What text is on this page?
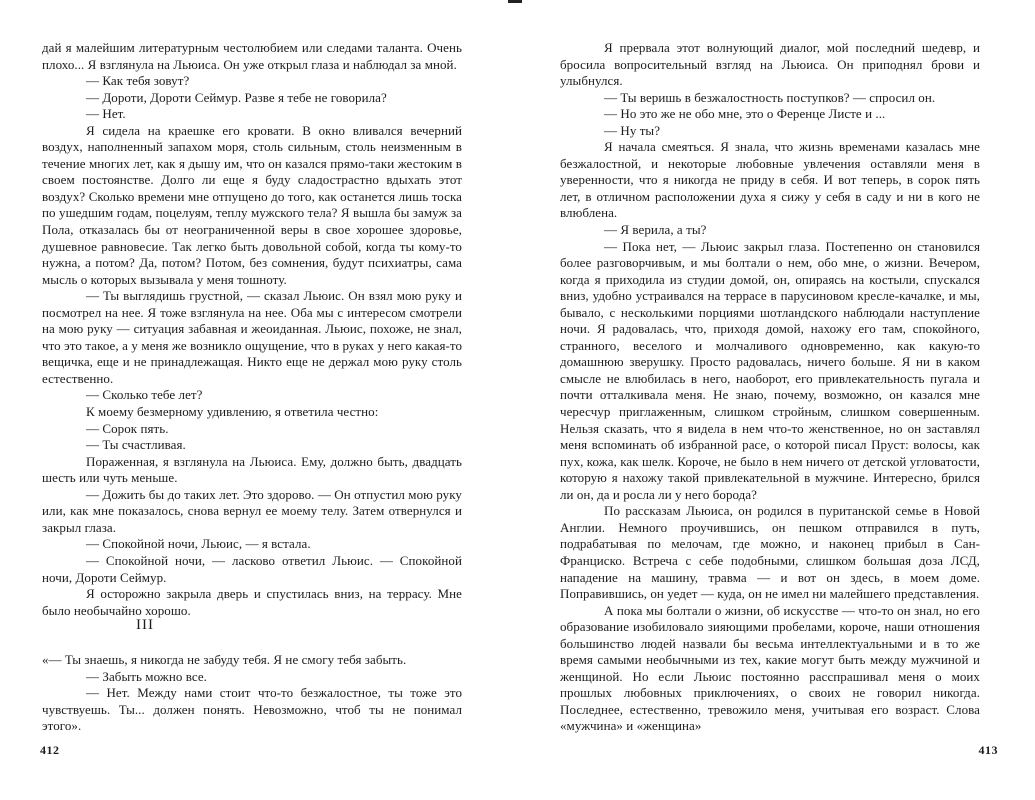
дай я малейшим литературным честолюбием или следами таланта. Очень плохо... Я взглянула на Льюиса. Он уже открыл глаза и наблюдал за мной.

— Как тебя зовут?

— Дороти, Дороти Сеймур. Разве я тебе не говорила?

— Нет.

Я сидела на краешке его кровати. В окно вливался вечерний воздух, наполненный запахом моря, столь сильным, столь неизменным в течение многих лет, как я дышу им, что он казался прямо-таки жестоким в своем постоянстве. Долго ли еще я буду сладострастно вдыхать этот воздух? Сколько времени мне отпущено до того, как останется лишь тоска по ушедшим годам, поцелуям, теплу мужского тела? Я вышла бы замуж за Пола, отказалась бы от неограниченной веры в свое хорошее здоровье, душевное равновесие. Так легко быть довольной собой, когда ты кому-то нужна, а потом? Да, потом? Потом, без сомнения, будут психиатры, сама мысль о которых вызывала у меня тошноту.

— Ты выглядишь грустной, — сказал Льюис. Он взял мою руку и посмотрел на нее. Я тоже взглянула на нее. Оба мы с интересом смотрели на мою руку — ситуация забавная и жеоиданная. Льюис, похоже, не знал, что это такое, а у меня же возникло ощущение, что в руках у него какая-то вещичка, еще и не принадлежащая. Никто еще не держал мою руку столь естественно.

— Сколько тебе лет?

К моему безмерному удивлению, я ответила честно:

— Сорок пять.

— Ты счастливая.

Пораженная, я взглянула на Льюиса. Ему, должно быть, двадцать шесть или чуть меньше.

— Дожить бы до таких лет. Это здорово. — Он отпустил мою руку или, как мне показалось, снова вернул ее моему телу. Затем отвернулся и закрыл глаза.

— Спокойной ночи, Льюис, — я встала.

— Спокойной ночи, — ласково ответил Льюис. — Спокойной ночи, Дороти Сеймур.

Я осторожно закрыла дверь и спустилась вниз, на террасу. Мне было необычайно хорошо.

III

«— Ты знаешь, я никогда не забуду тебя. Я не смогу тебя забыть.

— Забыть можно все.

— Нет. Между нами стоит что-то безжалостное, ты тоже это чувствуешь. Ты... должен понять. Невозможно, чтоб ты не понимал этого».

412

Я прервала этот волнующий диалог, мой последний шедевр, и бросила вопросительный взгляд на Льюиса. Он приподнял брови и улыбнулся.

— Ты веришь в безжалостность поступков? — спросил он.

— Но это же не обо мне, это о Ференце Листе и ...

— Ну ты?

Я начала смеяться. Я знала, что жизнь временами казалась мне безжалостной, и некоторые любовные увлечения оставляли меня в уверенности, что я никогда не приду в себя. И вот теперь, в сорок пять лет, в отличном расположении духа я сижу у себя в саду и ни в кого не влюблена.

— Я верила, а ты?

— Пока нет, — Льюис закрыл глаза. Постепенно он становился более разговорчивым, и мы болтали о нем, обо мне, о жизни. Вечером, когда я приходила из студии домой, он, опираясь на костыли, спускался вниз, удобно устраивался на террасе в парусиновом кресле-качалке, и мы, бывало, с несколькими порциями шотландского наблюдали наступление ночи. Я радовалась, что, приходя домой, нахожу его там, спокойного, странного, веселого и молчаливого одновременно, как какую-то домашнюю зверушку. Просто радовалась, ничего больше. Я ни в каком смысле не влюбилась в него, наоборот, его привлекательность пугала и почти отталкивала меня. Не знаю, почему, возможно, он казался мне чересчур приглаженным, слишком стройным, слишком совершенным. Нельзя сказать, что я видела в нем что-то женственное, но он заставлял меня вспоминать об избранной расе, о которой писал Пруст: волосы, как пух, кожа, как шелк. Короче, не было в нем ничего от детской угловатости, которую я нахожу такой привлекательной в мужчине. Интересно, брился ли он, да и росла ли у него борода?

По рассказам Льюиса, он родился в пуританской семье в Новой Англии. Немного проучившись, он пешком отправился в путь, подрабатывая по мелочам, где можно, и наконец прибыл в Сан-Франциско. Встреча с себе подобными, слишком большая доза ЛСД, нападение на машину, травма — и вот он здесь, в моем доме. Поправившись, он уедет — куда, он не имел ни малейшего представления.

А пока мы болтали о жизни, об искусстве — что-то он знал, но его образование изобиловало зияющими пробелами, короче, наши отношения большинство людей назвали бы весьма интеллектуальными и в то же время самыми необычными из тех, какие могут быть между мужчиной и женщиной. Но если Льюис постоянно расспрашивал меня о моих прошлых любовных приключениях, о своих не говорил никогда. Последнее, естественно, тревожило меня, учитывая его возраст. Слова «мужчина» и «женщина»

413
